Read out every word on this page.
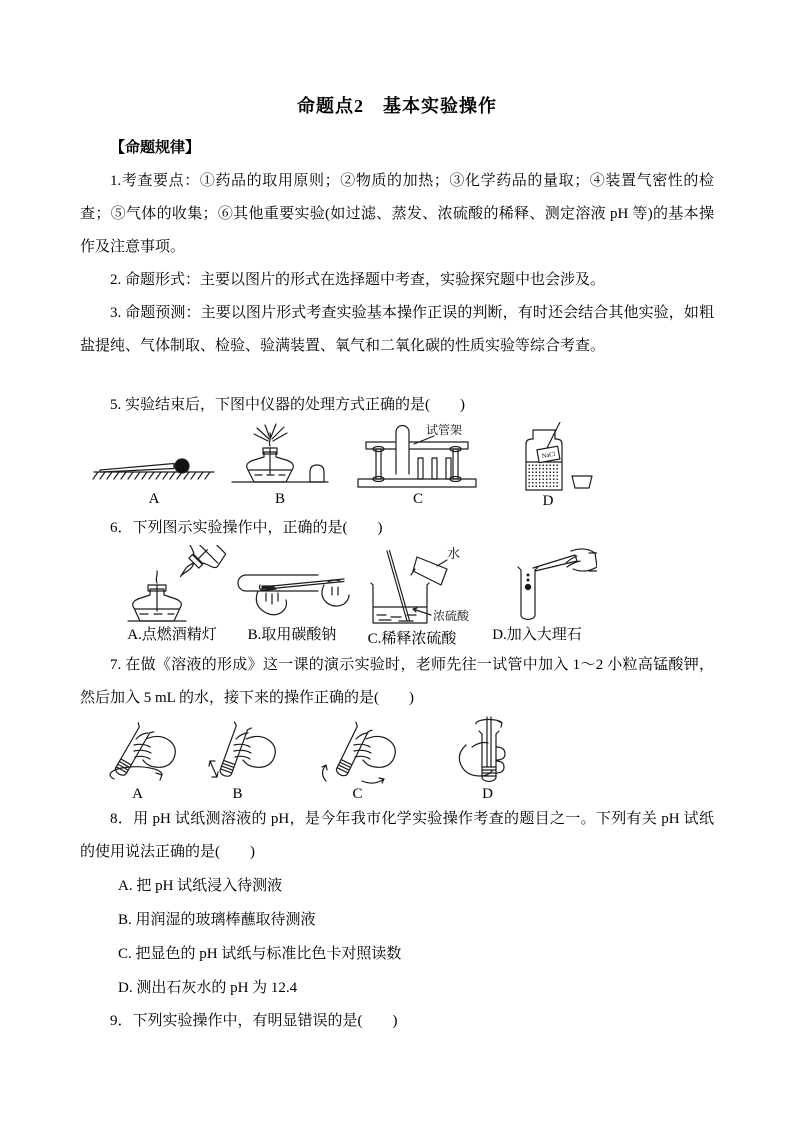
命题点2　基本实验操作

【命题规律】

1.考查要点：①药品的取用原则；②物质的加热；③化学药品的量取；④装置气密性的检查；⑤气体的收集；⑥其他重要实验(如过滤、蒸发、浓硫酸的稀释、测定溶液 pH 等)的基本操作及注意事项。

2. 命题形式：主要以图片的形式在选择题中考查，实验探究题中也会涉及。

3. 命题预测：主要以图片形式考查实验基本操作正误的判断，有时还会结合其他实验，如粗盐提纯、气体制取、检验、验满装置、氧气和二氧化碳的性质实验等综合考查。

5. 实验结束后，下图中仪器的处理方式正确的是(　　)

A	B
试管架
C
NaCl
D

6．下列图示实验操作中，正确的是(　　)

A.点燃酒精灯	B.取用碳酸钠
水
浓硫酸
C.稀释浓硫酸	D.加入大理石

7. 在做《溶液的形成》这一课的演示实验时，老师先往一试管中加入 1～2 小粒高锰酸钾，然后加入 5 mL 的水，接下来的操作正确的是(　　)

A	B	C	D

8．用 pH 试纸测溶液的 pH，是今年我市化学实验操作考查的题目之一。下列有关 pH 试纸的使用说法正确的是(　　)

A. 把 pH 试纸浸入待测液
B. 用润湿的玻璃棒蘸取待测液
C. 把显色的 pH 试纸与标准比色卡对照读数
D. 测出石灰水的 pH 为 12.4

9．下列实验操作中，有明显错误的是(　　)
